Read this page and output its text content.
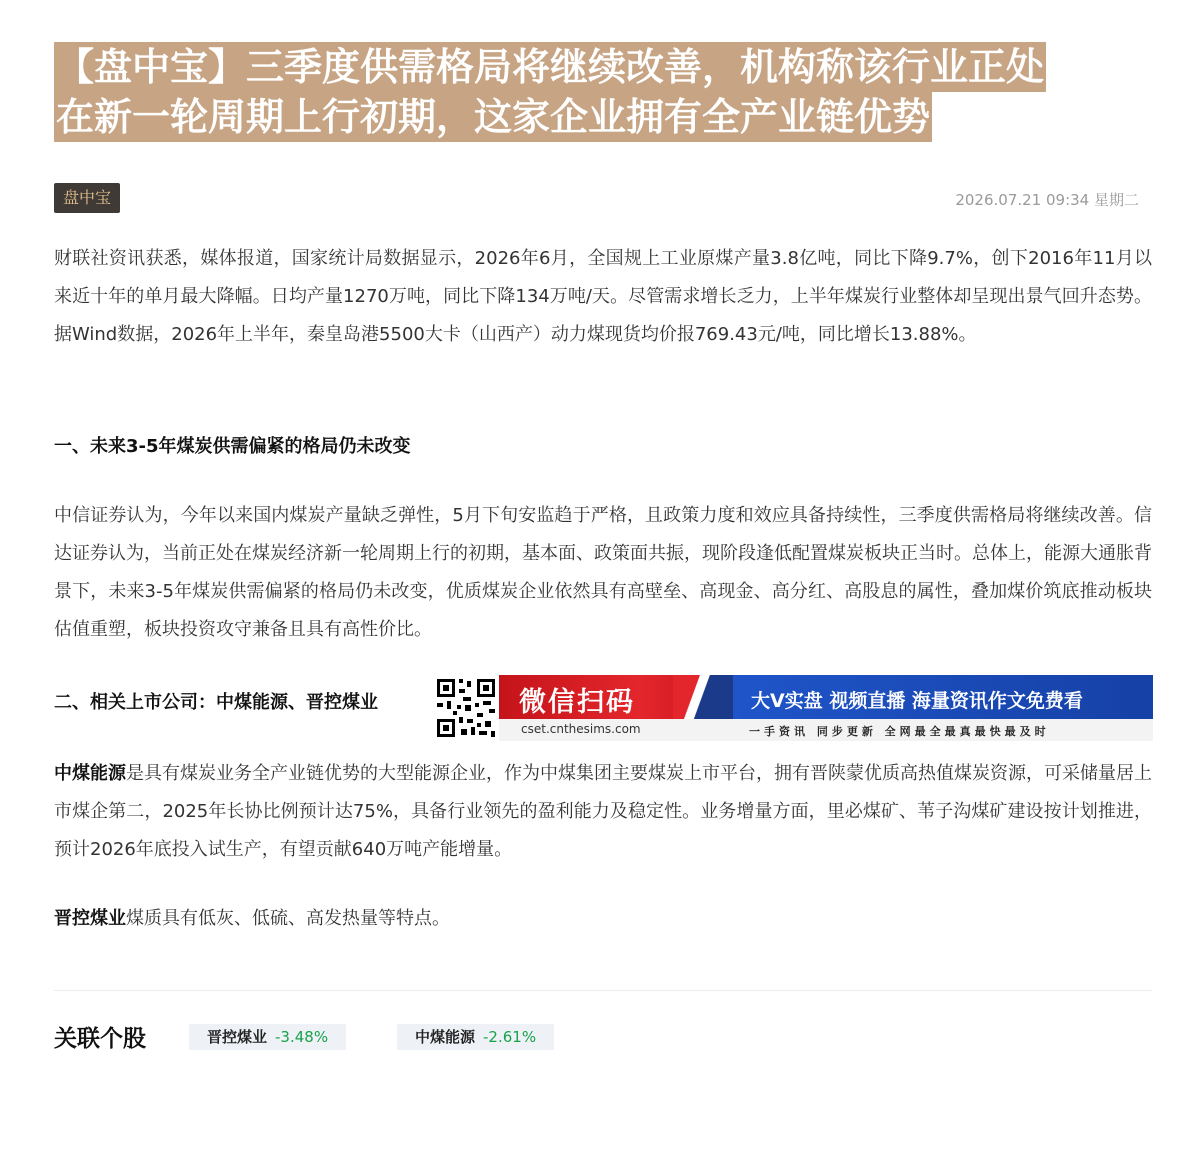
【盘中宝】三季度供需格局将继续改善，机构称该行业正处
在新一轮周期上行初期，这家企业拥有全产业链优势
盘中宝	2026.07.21 09:34 星期二
财联社资讯获悉，媒体报道，国家统计局数据显示，2026年6月，全国规上工业原煤产量3.8亿吨，同比下降9.7%，创下2016年11月以来近十年的单月最大降幅。日均产量1270万吨，同比下降134万吨/天。尽管需求增长乏力，上半年煤炭行业整体却呈现出景气回升态势。据Wind数据，2026年上半年，秦皇岛港5500大卡（山西产）动力煤现货均价报769.43元/吨，同比增长13.88%。
一、未来3-5年煤炭供需偏紧的格局仍未改变
中信证券认为，今年以来国内煤炭产量缺乏弹性，5月下旬安监趋于严格，且政策力度和效应具备持续性，三季度供需格局将继续改善。信达证券认为，当前正处在煤炭经济新一轮周期上行的初期，基本面、政策面共振，现阶段逢低配置煤炭板块正当时。总体上，能源大通胀背景下，未来3-5年煤炭供需偏紧的格局仍未改变，优质煤炭企业依然具有高壁垒、高现金、高分红、高股息的属性，叠加煤价筑底推动板块估值重塑，板块投资攻守兼备且具有高性价比。
二、相关上市公司：中煤能源、晋控煤业	微信扫码	大V实盘 视频直播 海量资讯作文免费看
cset.cnthesims.com	一手资讯 同步更新 全网最全最真最快最及时
中煤能源是具有煤炭业务全产业链优势的大型能源企业，作为中煤集团主要煤炭上市平台，拥有晋陕蒙优质高热值煤炭资源，可采储量居上市煤企第二，2025年长协比例预计达75%，具备行业领先的盈利能力及稳定性。业务增量方面，里必煤矿、苇子沟煤矿建设按计划推进，预计2026年底投入试生产，有望贡献640万吨产能增量。
晋控煤业煤质具有低灰、低硫、高发热量等特点。
关联个股	晋控煤业 -3.48%	中煤能源 -2.61%
